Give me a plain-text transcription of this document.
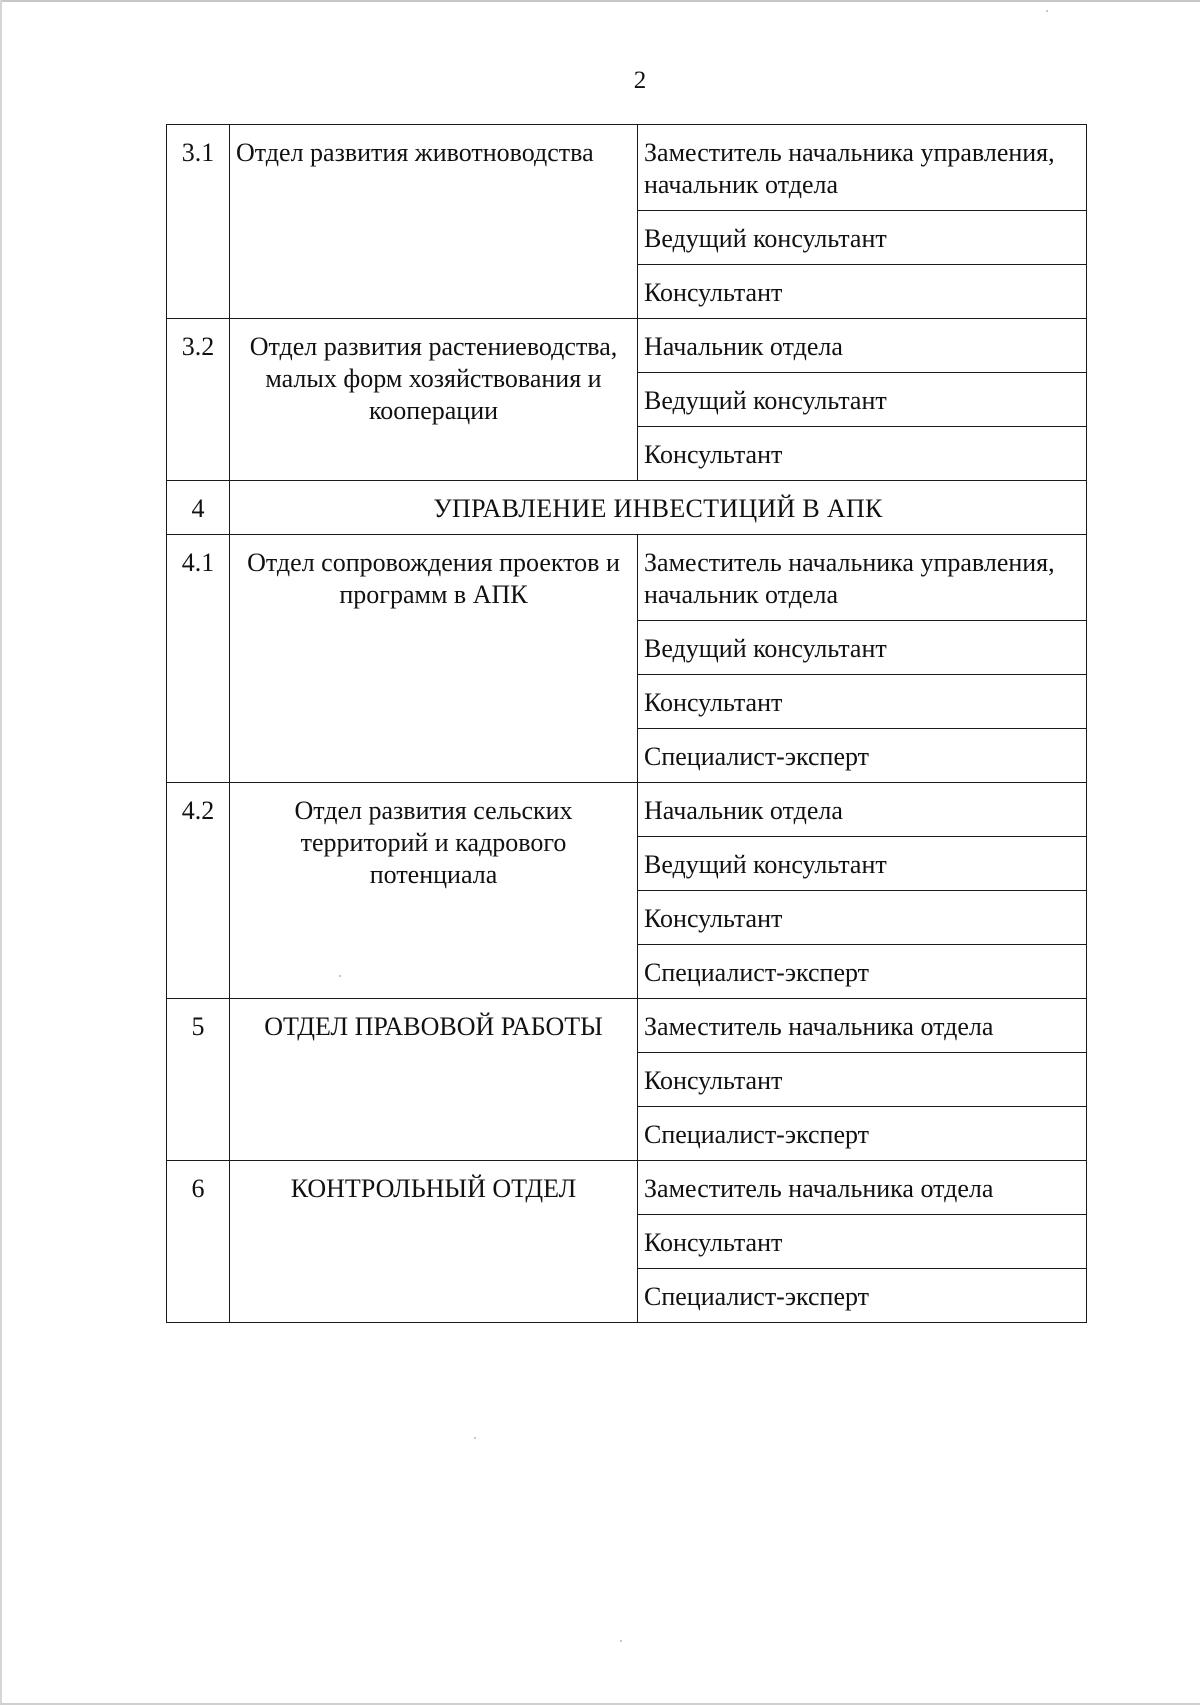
2
3.1	Отдел развития животноводства	Заместитель начальника управления, начальник отдела
		Ведущий консультант
		Консультант
3.2	Отдел развития растениеводства, малых форм хозяйствования и кооперации	Начальник отдела
		Ведущий консультант
		Консультант
4	УПРАВЛЕНИЕ ИНВЕСТИЦИЙ В АПК	
4.1	Отдел сопровождения проектов и программ в АПК	Заместитель начальника управления, начальник отдела
		Ведущий консультант
		Консультант
		Специалист-эксперт
4.2	Отдел развития сельских территорий и кадрового потенциала	Начальник отдела
		Ведущий консультант
		Консультант
		Специалист-эксперт
5	ОТДЕЛ ПРАВОВОЙ РАБОТЫ	Заместитель начальника отдела
		Консультант
		Специалист-эксперт
6	КОНТРОЛЬНЫЙ ОТДЕЛ	Заместитель начальника отдела
		Консультант
		Специалист-эксперт
